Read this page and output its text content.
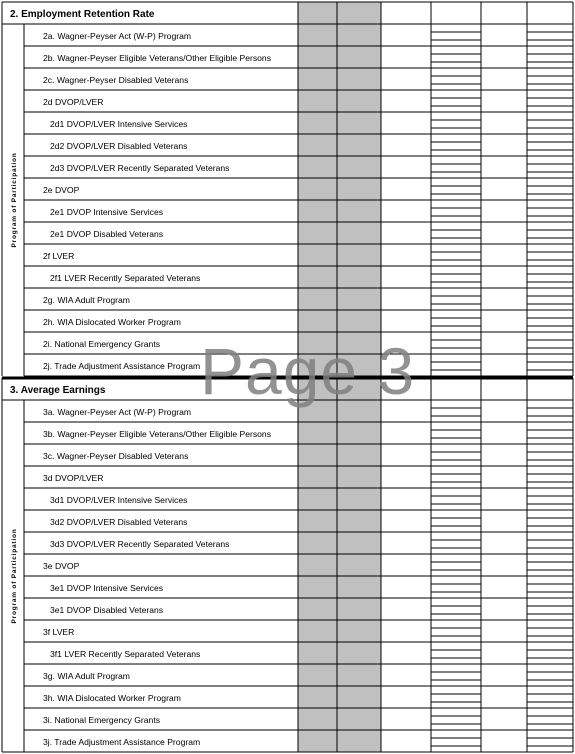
2. Employment Retention Rate
Program of Participation
2a. Wagner-Peyser Act (W-P) Program
2b. Wagner-Peyser Eligible Veterans/Other Eligible Persons
2c. Wagner-Peyser Disabled Veterans
2d DVOP/LVER
2d1 DVOP/LVER Intensive Services
2d2 DVOP/LVER Disabled Veterans
2d3 DVOP/LVER Recently Separated Veterans
2e DVOP
2e1 DVOP Intensive Services
2e1 DVOP Disabled Veterans
2f LVER
2f1 LVER Recently Separated Veterans
2g. WIA Adult Program
2h. WIA Dislocated Worker Program
2i. National Emergency Grants
2j. Trade Adjustment Assistance Program
3. Average Earnings
Program of Participation
3a. Wagner-Peyser Act (W-P) Program
3b. Wagner-Peyser Eligible Veterans/Other Eligible Persons
3c. Wagner-Peyser Disabled Veterans
3d DVOP/LVER
3d1 DVOP/LVER Intensive Services
3d2 DVOP/LVER Disabled Veterans
3d3 DVOP/LVER Recently Separated Veterans
3e DVOP
3e1 DVOP Intensive Services
3e1 DVOP Disabled Veterans
3f LVER
3f1 LVER Recently Separated Veterans
3g. WIA Adult Program
3h. WIA Dislocated Worker Program
3i. National Emergency Grants
3j. Trade Adjustment Assistance Program
Page 3
